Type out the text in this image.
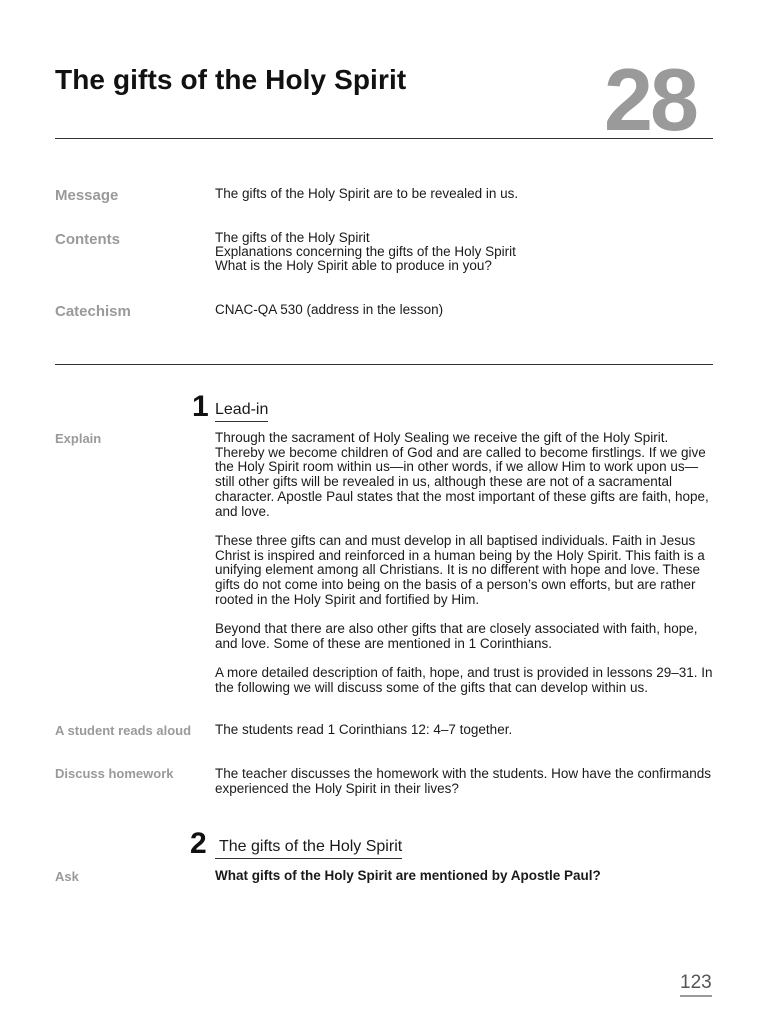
The gifts of the Holy Spirit 28
Message	The gifts of the Holy Spirit are to be revealed in us.
Contents	The gifts of the Holy Spirit
Explanations concerning the gifts of the Holy Spirit
What is the Holy Spirit able to produce in you?
Catechism	CNAC-QA 530 (address in the lesson)
1 Lead-in
Explain	Through the sacrament of Holy Sealing we receive the gift of the Holy Spirit. Thereby we become children of God and are called to become firstlings. If we give the Holy Spirit room within us—in other words, if we allow Him to work upon us—still other gifts will be revealed in us, although these are not of a sacramental character. Apostle Paul states that the most important of these gifts are faith, hope, and love.
These three gifts can and must develop in all baptised individuals. Faith in Jesus Christ is inspired and reinforced in a human being by the Holy Spirit. This faith is a unifying element among all Christians. It is no different with hope and love. These gifts do not come into being on the basis of a person’s own efforts, but are rather rooted in the Holy Spirit and fortified by Him.
Beyond that there are also other gifts that are closely associated with faith, hope, and love. Some of these are mentioned in 1 Corinthians.
A more detailed description of faith, hope, and trust is provided in lessons 29–31. In the following we will discuss some of the gifts that can develop within us.
A student reads aloud	The students read 1 Corinthians 12: 4–7 together.
Discuss homework	The teacher discusses the homework with the students. How have the confirmands experienced the Holy Spirit in their lives?
2 The gifts of the Holy Spirit
Ask	What gifts of the Holy Spirit are mentioned by Apostle Paul?
123
